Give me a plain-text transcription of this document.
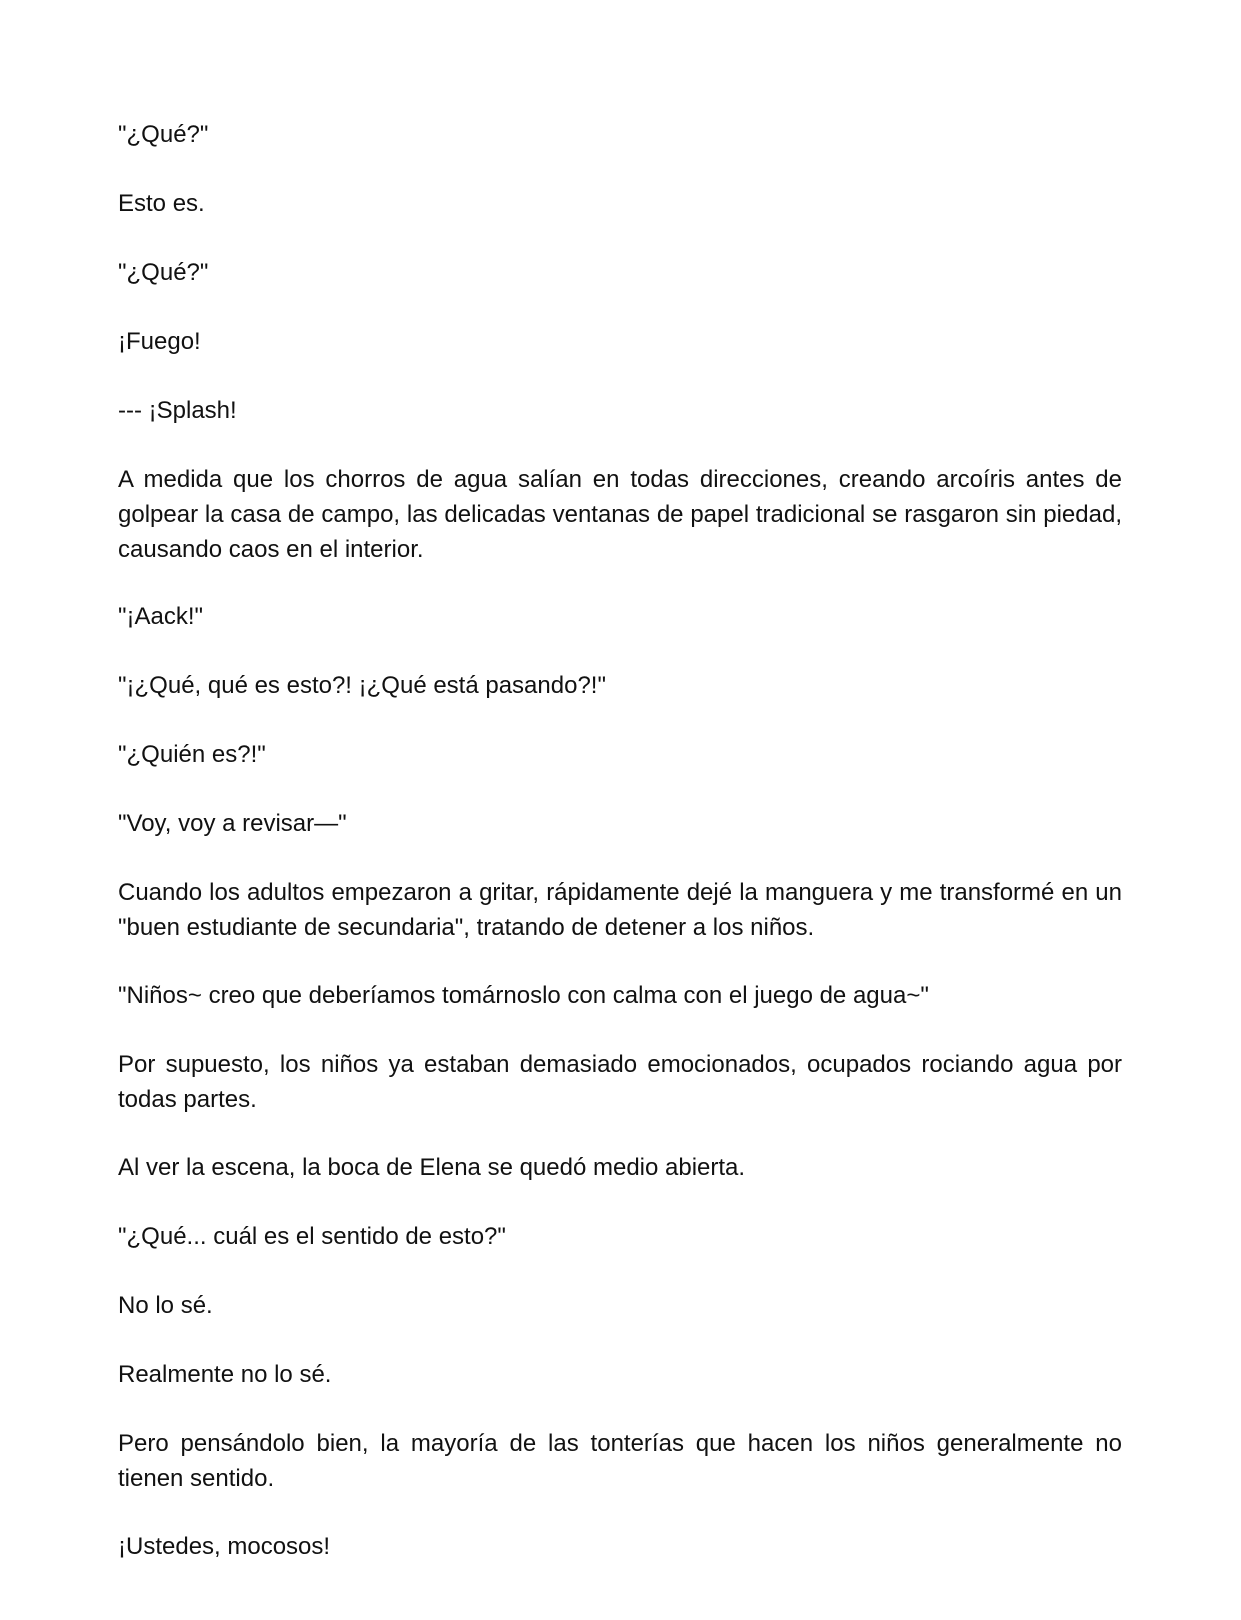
"¿Qué?"

Esto es.

"¿Qué?"

¡Fuego!

--- ¡Splash!

A medida que los chorros de agua salían en todas direcciones, creando arcoíris antes de golpear la casa de campo, las delicadas ventanas de papel tradicional se rasgaron sin piedad, causando caos en el interior.

"¡Aack!"

"¡¿Qué, qué es esto?! ¡¿Qué está pasando?!"

"¿Quién es?!"

"Voy, voy a revisar—"

Cuando los adultos empezaron a gritar, rápidamente dejé la manguera y me transformé en un "buen estudiante de secundaria", tratando de detener a los niños.

"Niños~ creo que deberíamos tomárnoslo con calma con el juego de agua~"

Por supuesto, los niños ya estaban demasiado emocionados, ocupados rociando agua por todas partes.

Al ver la escena, la boca de Elena se quedó medio abierta.

"¿Qué... cuál es el sentido de esto?"

No lo sé.

Realmente no lo sé.

Pero pensándolo bien, la mayoría de las tonterías que hacen los niños generalmente no tienen sentido.

¡Ustedes, mocosos!
